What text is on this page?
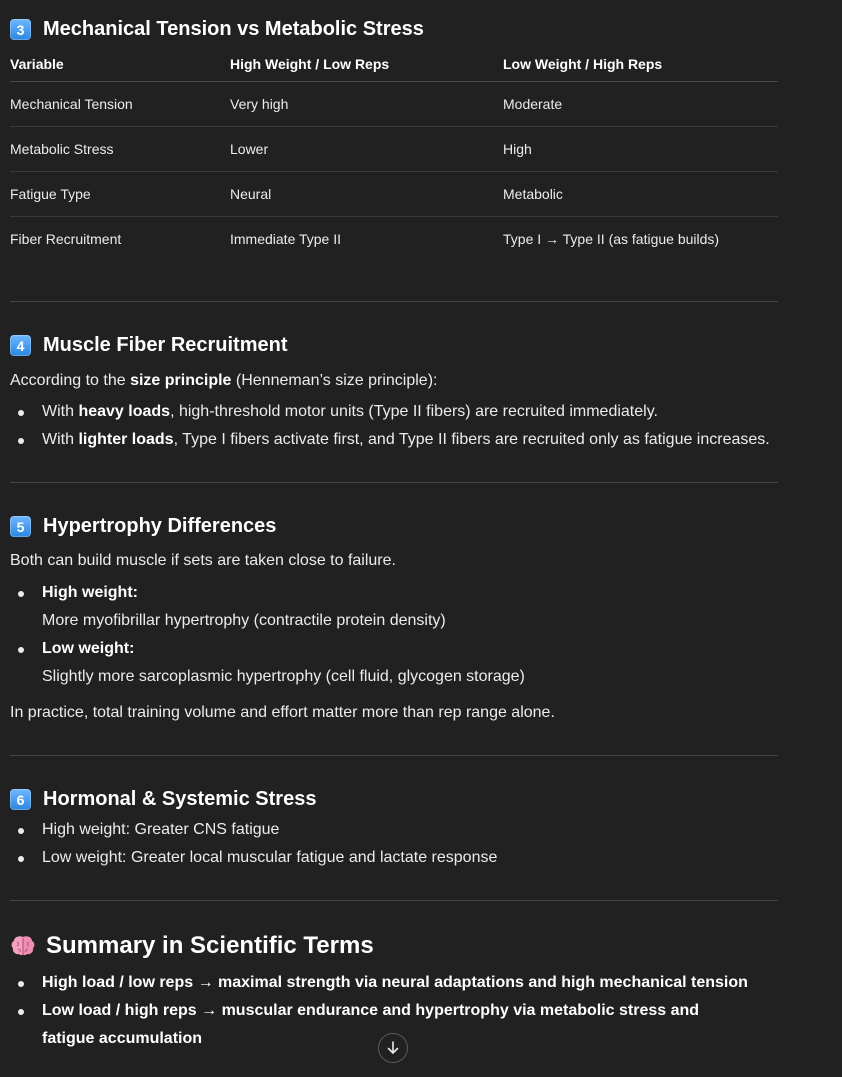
3 Mechanical Tension vs Metabolic Stress
Variable	High Weight / Low Reps	Low Weight / High Reps
Mechanical Tension	Very high	Moderate
Metabolic Stress	Lower	High
Fatigue Type	Neural	Metabolic
Fiber Recruitment	Immediate Type II	Type I → Type II (as fatigue builds)
4 Muscle Fiber Recruitment

According to the size principle (Henneman’s size principle):

With heavy loads, high-threshold motor units (Type II fibers) are recruited immediately.
With lighter loads, Type I fibers activate first, and Type II fibers are recruited only as fatigue increases.
5 Hypertrophy Differences

Both can build muscle if sets are taken close to failure.

High weight:
More myofibrillar hypertrophy (contractile protein density)
Low weight:
Slightly more sarcoplasmic hypertrophy (cell fluid, glycogen storage)

In practice, total training volume and effort matter more than rep range alone.

6 Hormonal & Systemic Stress
High weight: Greater CNS fatigue
Low weight: Greater local muscular fatigue and lactate response
Summary in Scientific Terms
High load / low reps → maximal strength via neural adaptations and high mechanical tension
Low load / high reps → muscular endurance and hypertrophy via metabolic stress and fatigue accumulation
